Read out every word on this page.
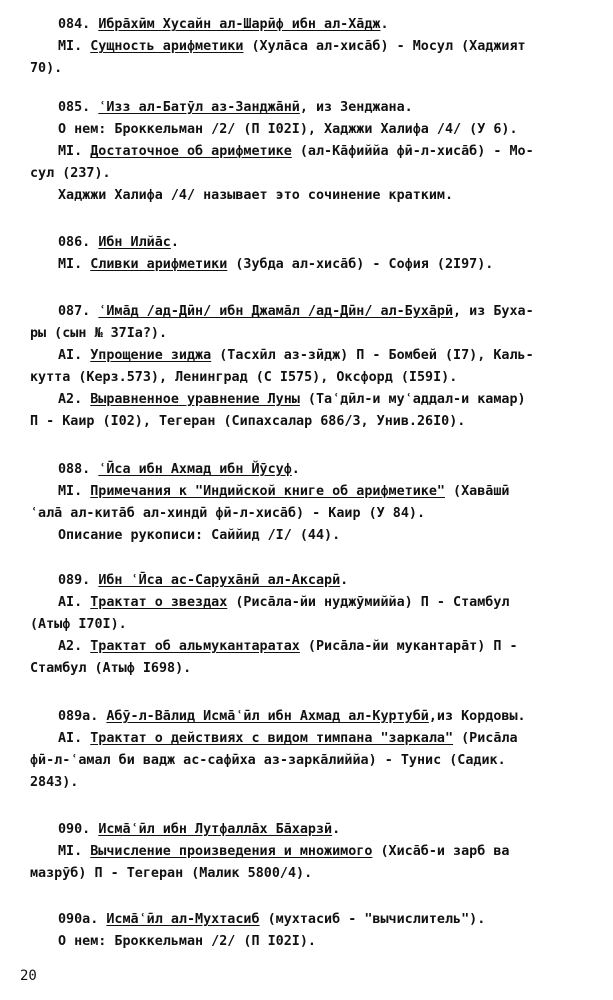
084. Ибрāхӣм Хусайн ал-Шарӣф ибн ал-Хāдж.
MI. Сущность арифметики (Хулāса ал-хисāб) - Мосул (Хаджият
70).
085. ʿИзз ал-Батӯл аз-Занджāнӣ, из Зенджана.
О нем: Броккельман /2/ (П I02I), Хаджжи Халифа /4/ (У 6).
MI. Достаточное об арифметике (ал-Кāфиййа фӣ-л-хисāб) - Мо-
сул (237).
Хаджжи Халифа /4/ называет это сочинение кратким.
086. Ибн Илйāс.
MI. Сливки арифметики (Зубда ал-хисāб) - София (2I97).
087. ʿИмāд /ад-Дӣн/ ибн Джамāл /ад-Дӣн/ ал-Бухāрӣ, из Буха-
ры (сын № 37Iа?).
AI. Упрощение зиджа (Тасхӣл аз-зӣдж) П - Бомбей (I7), Каль-
кутта (Керз.573), Ленинград (С I575), Оксфорд (I59I).
А2. Выравненное уравнение Луны (Таʿдӣл-и муʿаддал-и камар)
П - Каир (I02), Тегеран (Сипахсалар 686/3, Унив.26I0).
088. ʿӢса ибн Ахмад ибн Йӯсуф.
MI. Примечания к "Индийской книге об арифметике" (Хавāшӣ
ʿалā ал-китāб ал-хиндӣ фӣ-л-хисāб) - Каир (У 84).
Описание рукописи: Саййид /I/ (44).
089. Ибн ʿӢса ас-Сарухāнӣ ал-Аксарӣ.
AI. Трактат о звездах (Рисāла-йи нуджӯмиййа) П - Стамбул
(Атыф I70I).
А2. Трактат об альмукантаратах (Рисāла-йи мукантарāт) П -
Стамбул (Атыф I698).
089а. Абӯ-л-Вāлид Исмāʿӣл ибн Ахмад ал-Куртубӣ,из Кордовы.
AI. Трактат о действиях с видом тимпана "заркала" (Рисāла
фӣ-л-ʿамал би вадж ас-сафӣха аз-заркāлиййа) - Тунис (Садик.
2843).
090. Исмāʿӣл ибн Лутфаллāх Бāхарзӣ.
MI. Вычисление произведения и множимого (Хисāб-и зарб ва
мазрӯб) П - Тегеран (Малик 5800/4).
090а. Исмāʿӣл ал-Мухтасиб (мухтасиб - "вычислитель").
О нем: Броккельман /2/ (П I02I).
20
